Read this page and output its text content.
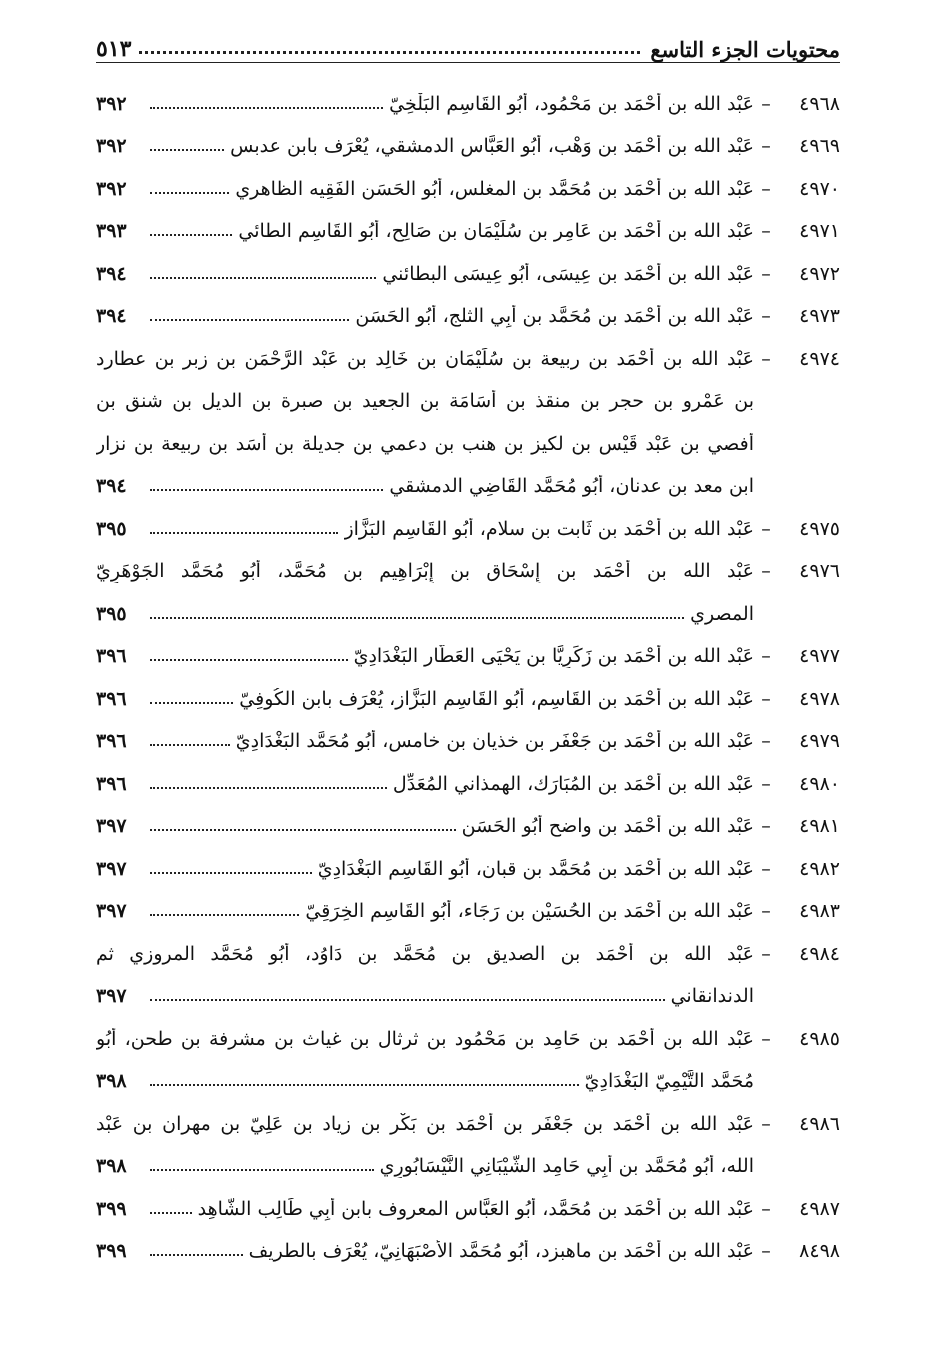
محتويات الجزء التاسع
٥١٣
٤٩٦٨
–
عَبْد الله بن أَحْمَد بن مَحْمُود، أَبُو القَاسِم البَلْخِيّ
٣٩٢
٤٩٦٩
–
عَبْد الله بن أَحْمَد بن وَهْب، أَبُو العَبَّاس الدمشقي، يُعْرَف بابن عدبس
٣٩٢
٤٩٧٠
–
عَبْد الله بن أَحْمَد بن مُحَمَّد بن المغلس، أَبُو الحَسَن الفَقِيه الظاهري
٣٩٢
٤٩٧١
–
عَبْد الله بن أَحْمَد بن عَامِر بن سُلَيْمَان بن صَالِح، أَبُو القَاسِم الطائي
٣٩٣
٤٩٧٢
–
عَبْد الله بن أَحْمَد بن عِيسَى، أَبُو عِيسَى البطائني
٣٩٤
٤٩٧٣
–
عَبْد الله بن أَحْمَد بن مُحَمَّد بن أَبِي الثلج، أَبُو الحَسَن
٣٩٤
٤٩٧٤
–
عَبْد الله بن أَحْمَد بن ربيعة بن سُلَيْمَان بن خَالِد بن عَبْد الرَّحْمَن بن زبر بن عطارد
بن عَمْرو بن حجر بن منقذ بن أُسَامَة بن الجعيد بن صبرة بن الديل بن شنق بن
أفصي بن عَبْد قَيْس بن لكيز بن هنب بن دعمي بن جديلة بن أَسَد بن ربيعة بن نزار
ابن معد بن عدنان، أَبُو مُحَمَّد القَاضِي الدمشقي
٣٩٤
٤٩٧٥
–
عَبْد الله بن أَحْمَد بن ثَابت بن سلام، أَبُو القَاسِم البَزَّاز
٣٩٥
٤٩٧٦
–
عَبْد الله بن أَحْمَد بن إِسْحَاق بن إِبْرَاهِيم بن مُحَمَّد، أَبُو مُحَمَّد الجَوْهَرِيّ
المصري
٣٩٥
٤٩٧٧
–
عَبْد الله بن أَحْمَد بن زَكَرِيَّا بن يَحْيَى العَطَّار البَغْدَادِيّ
٣٩٦
٤٩٧٨
–
عَبْد الله بن أَحْمَد بن القَاسِم، أَبُو القَاسِم البَزَّاز، يُعْرَف بابن الكُوفِيّ
٣٩٦
٤٩٧٩
–
عَبْد الله بن أَحْمَد بن جَعْفَر بن خذيان بن خامس، أَبُو مُحَمَّد البَغْدَادِيّ
٣٩٦
٤٩٨٠
–
عَبْد الله بن أَحْمَد بن المُبَارَك، الهمذاني المُعَدِّل
٣٩٦
٤٩٨١
–
عَبْد الله بن أَحْمَد بن واضح أَبُو الحَسَن
٣٩٧
٤٩٨٢
–
عَبْد الله بن أَحْمَد بن مُحَمَّد بن قبان، أَبُو القَاسِم البَغْدَادِيّ
٣٩٧
٤٩٨٣
–
عَبْد الله بن أَحْمَد بن الحُسَيْن بن رَجَاء، أَبُو القَاسِم الخِرَقِيّ
٣٩٧
٤٩٨٤
–
عَبْد الله بن أَحْمَد بن الصديق بن مُحَمَّد بن دَاوُد، أَبُو مُحَمَّد المروزي ثم
الدندانقاني
٣٩٧
٤٩٨٥
–
عَبْد الله بن أَحْمَد بن حَامِد بن مَحْمُود بن ثرثال بن غياث بن مشرفة بن طحن، أَبُو
مُحَمَّد التَّيْمِيّ البَغْدَادِيّ
٣٩٨
٤٩٨٦
–
عَبْد الله بن أَحْمَد بن جَعْفَر بن أَحْمَد بن بَكْر بن زياد بن عَلِيّ بن مهران بن عَبْد
الله، أَبُو مُحَمَّد بن أَبِي حَامِد الشَّيْبَانِي النَّيْسَابُورِي
٣٩٨
٤٩٨٧
–
عَبْد الله بن أَحْمَد بن مُحَمَّد، أَبُو العَبَّاس المعروف بابن أَبِي طَالِب الشَّاهِد
٣٩٩
٨٤٩٨
–
عَبْد الله بن أَحْمَد بن ماهبزد، أَبُو مُحَمَّد الأَصْبَهَانِيّ، يُعْرَف بالطريف
٣٩٩
